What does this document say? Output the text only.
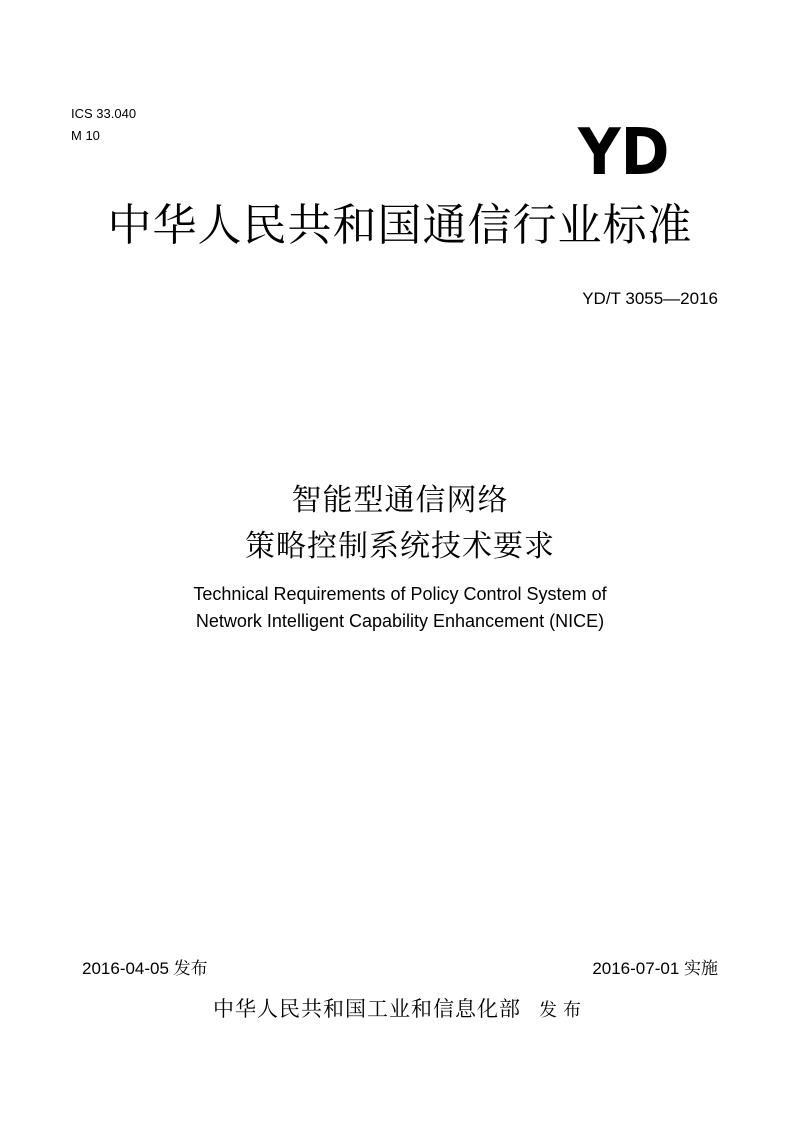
ICS 33.040
M 10	YD
中华人民共和国通信行业标准
YD/T 3055—2016
智能型通信网络
策略控制系统技术要求
Technical Requirements of Policy Control System of
Network Intelligent Capability Enhancement (NICE)
2016-04-05 发布	2016-07-01 实施
中华人民共和国工业和信息化部 发布
